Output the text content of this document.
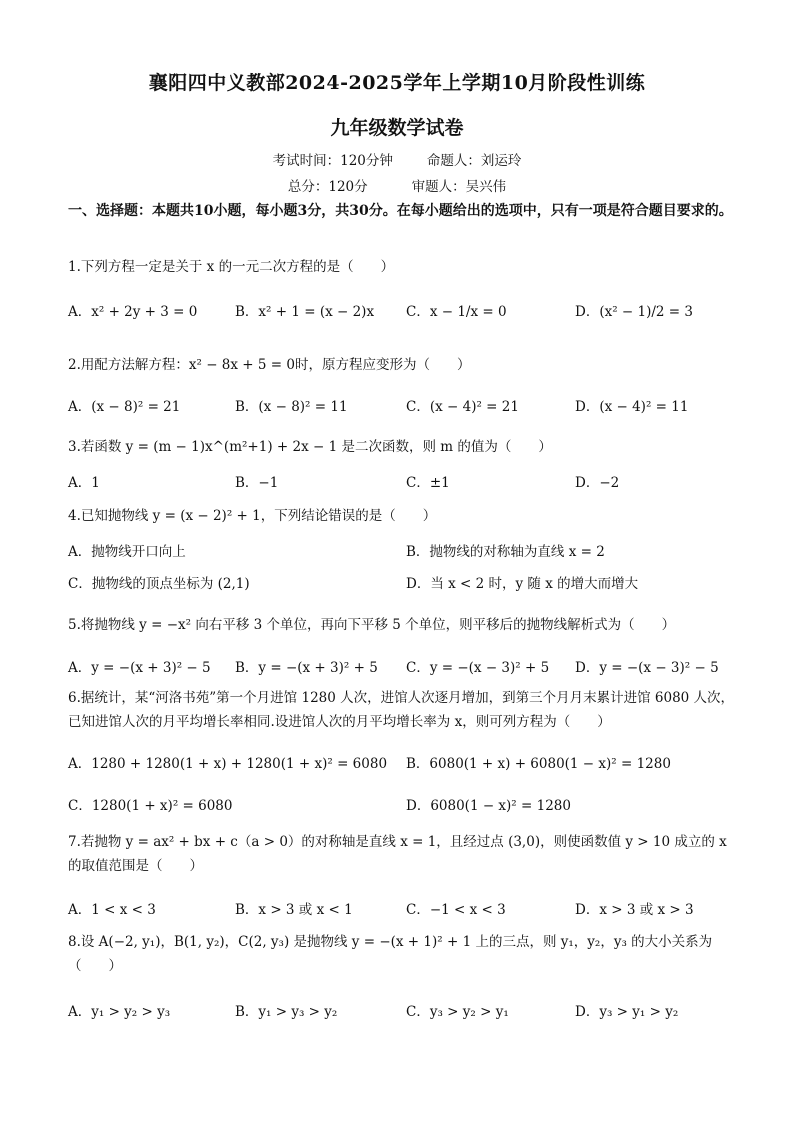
襄阳四中义教部2024-2025学年上学期10月阶段性训练
九年级数学试卷
考试时间：120分钟	命题人：刘运玲
总分：120分	审题人：吴兴伟
一、选择题：本题共10小题，每小题3分，共30分。在每小题给出的选项中，只有一项是符合题目要求的。
1.下列方程一定是关于 x 的一元二次方程的是（　　）
A．x² + 2y + 3 = 0	B．x² + 1 = (x − 2)x C．x − 1/x = 0	D．(x² − 1)/2 = 3
2.用配方法解方程：x² − 8x + 5 = 0时，原方程应变形为（　　）
A．(x − 8)² = 21	B．(x − 8)² = 11	C．(x − 4)² = 21	D．(x − 4)² = 11
3.若函数 y = (m − 1)x^(m²+1) + 2x − 1 是二次函数，则 m 的值为（　　）
A．1	B．−1	C．±1	D．−2
4.已知抛物线 y = (x − 2)² + 1，下列结论错误的是（　　）
A．抛物线开口向上	B．抛物线的对称轴为直线 x = 2
C．抛物线的顶点坐标为 (2,1)	D．当 x < 2 时，y 随 x 的增大而增大
5.将抛物线 y = −x² 向右平移 3 个单位，再向下平移 5 个单位，则平移后的抛物线解析式为（　　）
A．y = −(x + 3)² − 5 B．y = −(x + 3)² + 5 C．y = −(x − 3)² + 5 D．y = −(x − 3)² − 5
6.据统计，某“河洛书苑”第一个月进馆 1280 人次，进馆人次逐月增加，到第三个月月末累计进馆 6080 人次，已知进馆人次的月平均增长率相同.设进馆人次的月平均增长率为 x，则可列方程为（　　）
A．1280 + 1280(1 + x) + 1280(1 + x)² = 6080 B．6080(1 + x) + 6080(1 − x)² = 1280
C．1280(1 + x)² = 6080	D．6080(1 − x)² = 1280
7.若抛物 y = ax² + bx + c（a > 0）的对称轴是直线 x = 1，且经过点 (3,0)，则使函数值 y > 10 成立的 x 的取值范围是（　　）
A．1 < x < 3	B．x > 3 或 x < 1	C．−1 < x < 3	D．x > 3 或 x > 3
8.设 A(−2, y₁)，B(1, y₂)，C(2, y₃) 是抛物线 y = −(x + 1)² + 1 上的三点，则 y₁，y₂，y₃ 的大小关系为（　　）
A．y₁ > y₂ > y₃	B．y₁ > y₃ > y₂	C．y₃ > y₂ > y₁	D．y₃ > y₁ > y₂
